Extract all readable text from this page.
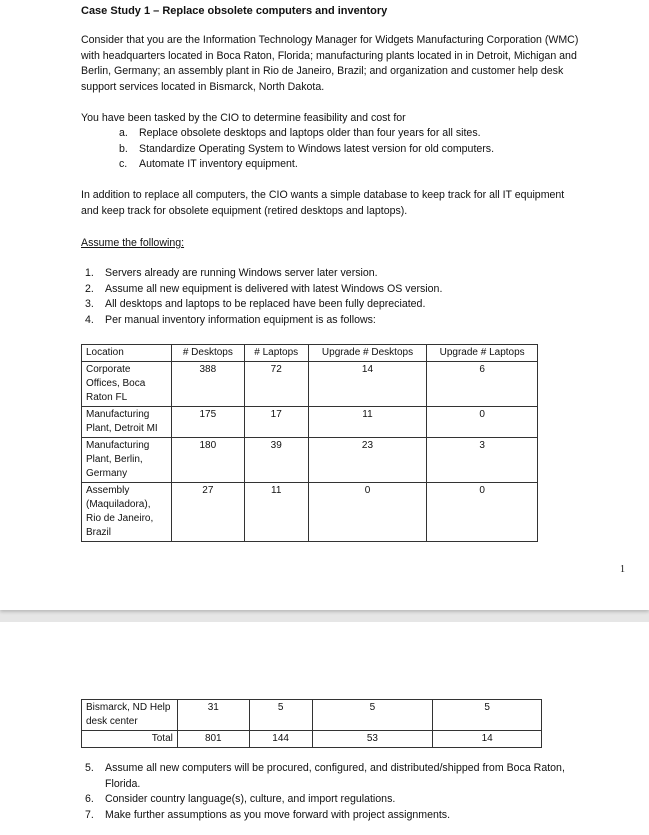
Case Study 1 – Replace obsolete computers and inventory

Consider that you are the Information Technology Manager for Widgets Manufacturing Corporation (WMC) with headquarters located in Boca Raton, Florida; manufacturing plants located in in Detroit, Michigan and Berlin, Germany; an assembly plant in Rio de Janeiro, Brazil; and organization and customer help desk support services located in Bismarck, North Dakota.

You have been tasked by the CIO to determine feasibility and cost for

a. Replace obsolete desktops and laptops older than four years for all sites.
b. Standardize Operating System to Windows latest version for old computers.
c. Automate IT inventory equipment.

In addition to replace all computers, the CIO wants a simple database to keep track for all IT equipment and keep track for obsolete equipment (retired desktops and laptops).

Assume the following:

1. Servers already are running Windows server later version.
2. Assume all new equipment is delivered with latest Windows OS version.
3. All desktops and laptops to be replaced have been fully depreciated.
4. Per manual inventory information equipment is as follows:
Location	# Desktops	# Laptops	Upgrade # Desktops	Upgrade # Laptops
Corporate Offices, Boca Raton FL	388	72	14	6
Manufacturing Plant, Detroit MI	175	17	11	0
Manufacturing Plant, Berlin, Germany	180	39	23	3
Assembly (Maquiladora), Rio de Janeiro, Brazil	27	11	0	0
1
Bismarck, ND Help desk center	31	5	5	5
Total	801	144	53	14
5.	Assume all new computers will be procured, configured, and distributed/shipped from Boca Raton, Florida.
6.	Consider country language(s), culture, and import regulations.
7.	Make further assumptions as you move forward with project assignments.
